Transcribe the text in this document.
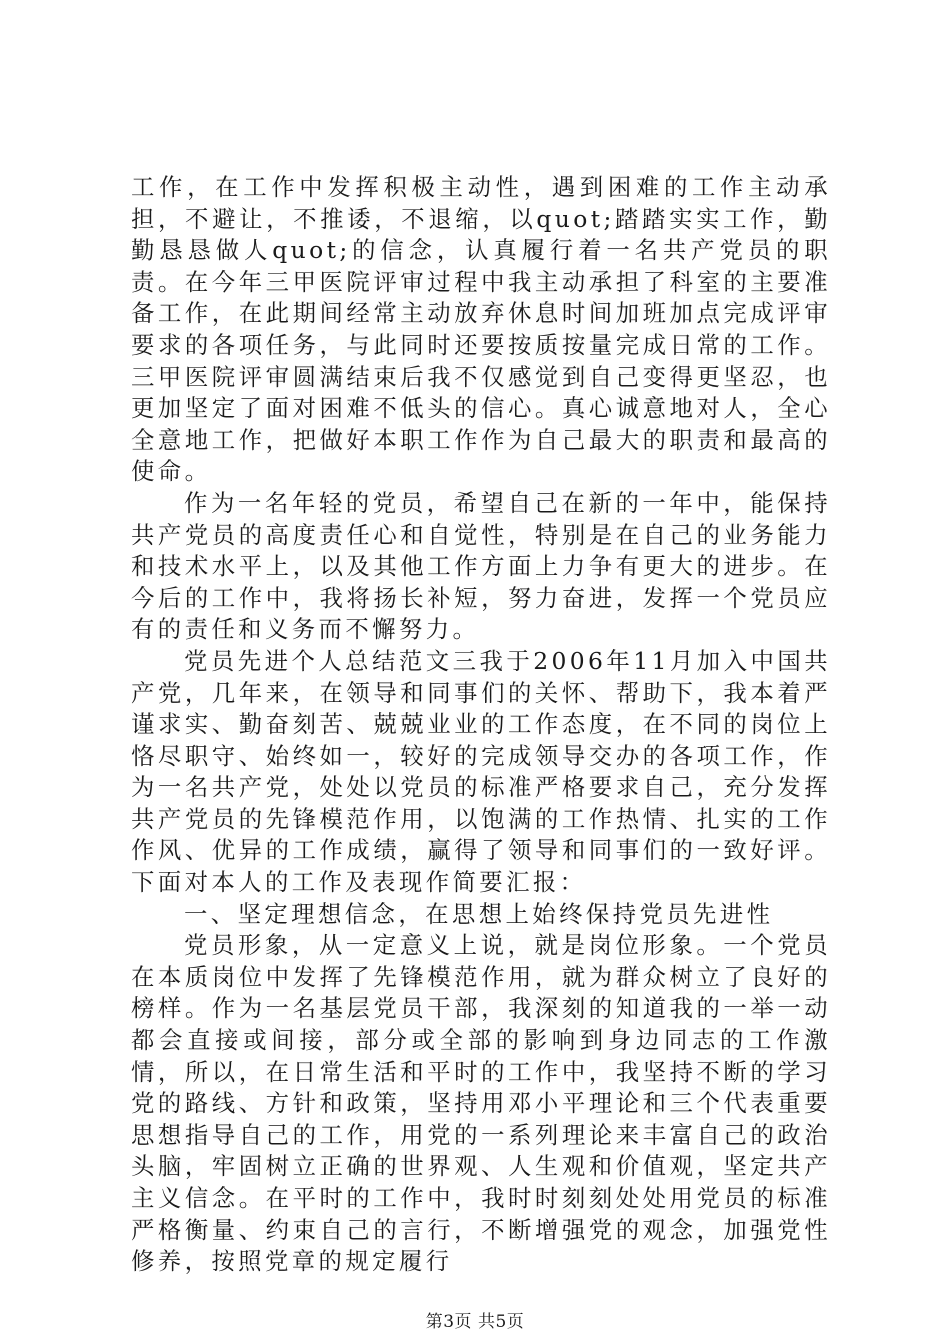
工作，在工作中发挥积极主动性，遇到困难的工作主动承担，不避让，不推诿，不退缩，以quot;踏踏实实工作，勤勤恳恳做人quot;的信念，认真履行着一名共产党员的职责。在今年三甲医院评审过程中我主动承担了科室的主要准备工作，在此期间经常主动放弃休息时间加班加点完成评审要求的各项任务，与此同时还要按质按量完成日常的工作。三甲医院评审圆满结束后我不仅感觉到自己变得更坚忍，也更加坚定了面对困难不低头的信心。真心诚意地对人，全心全意地工作，把做好本职工作作为自己最大的职责和最高的使命。

作为一名年轻的党员，希望自己在新的一年中，能保持共产党员的高度责任心和自觉性，特别是在自己的业务能力和技术水平上，以及其他工作方面上力争有更大的进步。在今后的工作中，我将扬长补短，努力奋进，发挥一个党员应有的责任和义务而不懈努力。

党员先进个人总结范文三我于2006年11月加入中国共产党，几年来，在领导和同事们的关怀、帮助下，我本着严谨求实、勤奋刻苦、兢兢业业的工作态度，在不同的岗位上恪尽职守、始终如一，较好的完成领导交办的各项工作，作为一名共产党，处处以党员的标准严格要求自己，充分发挥共产党员的先锋模范作用，以饱满的工作热情、扎实的工作作风、优异的工作成绩，赢得了领导和同事们的一致好评。下面对本人的工作及表现作简要汇报：

一、坚定理想信念，在思想上始终保持党员先进性

党员形象，从一定意义上说，就是岗位形象。一个党员在本质岗位中发挥了先锋模范作用，就为群众树立了良好的榜样。作为一名基层党员干部，我深刻的知道我的一举一动都会直接或间接，部分或全部的影响到身边同志的工作激情，所以，在日常生活和平时的工作中，我坚持不断的学习党的路线、方针和政策，坚持用邓小平理论和三个代表重要思想指导自己的工作，用党的一系列理论来丰富自己的政治头脑，牢固树立正确的世界观、人生观和价值观，坚定共产主义信念。在平时的工作中，我时时刻刻处处用党员的标准严格衡量、约束自己的言行，不断增强党的观念，加强党性修养，按照党章的规定履行

第3页 共5页
